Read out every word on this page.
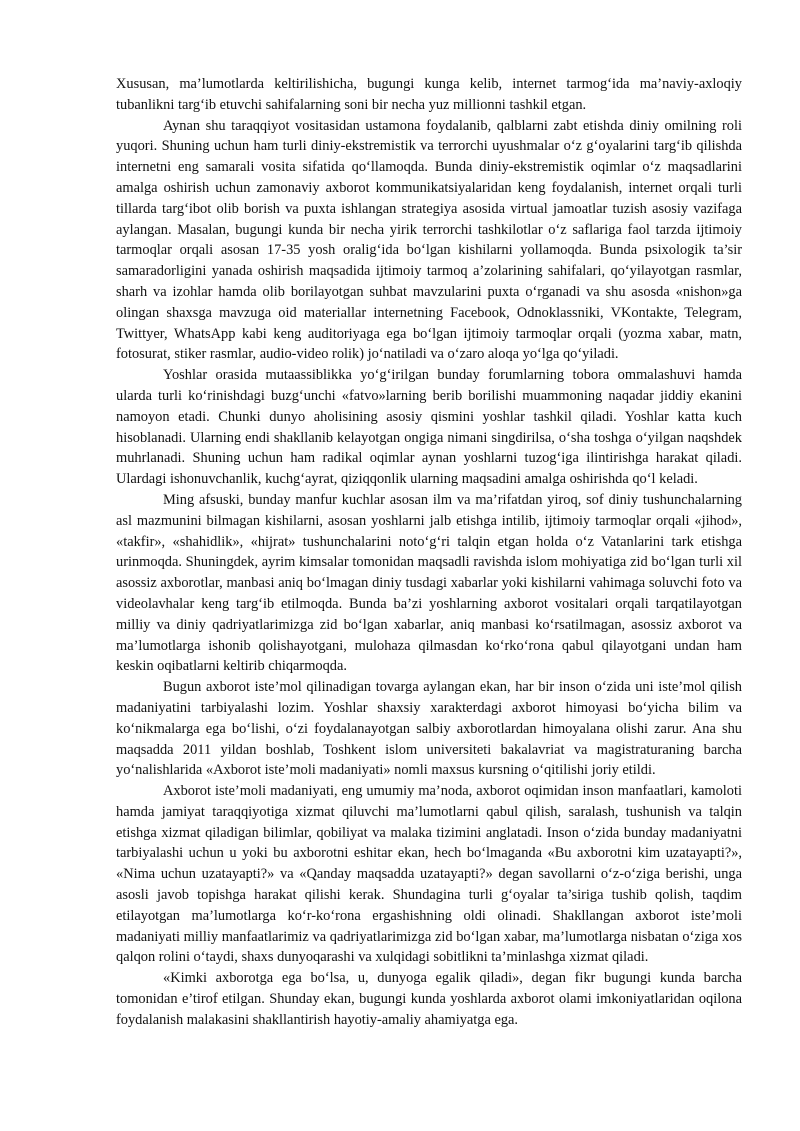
Xususan, ma’lumotlarda keltirilishicha, bugungi kunga kelib, internet tarmog‘ida ma’naviy-axloqiy tubanlikni targ‘ib etuvchi sahifalarning soni bir necha yuz millionni tashkil etgan.

Aynan shu taraqqiyot vositasidan ustamona foydalanib, qalblarni zabt etishda diniy omilning roli yuqori. Shuning uchun ham turli diniy-ekstremistik va terrorchi uyushmalar o‘z g‘oyalarini targ‘ib qilishda internetni eng samarali vosita sifatida qo‘llamoqda. Bunda diniy-ekstremistik oqimlar o‘z maqsadlarini amalga oshirish uchun zamonaviy axborot kommunikatsiyalaridan keng foydalanish, internet orqali turli tillarda targ‘ibot olib borish va puxta ishlangan strategiya asosida virtual jamoatlar tuzish asosiy vazifaga aylangan. Masalan, bugungi kunda bir necha yirik terrorchi tashkilotlar o‘z saflariga faol tarzda ijtimoiy tarmoqlar orqali asosan 17-35 yosh oralig‘ida bo‘lgan kishilarni yollamoqda. Bunda psixologik ta’sir samaradorligini yanada oshirish maqsadida ijtimoiy tarmoq a’zolarining sahifalari, qo‘yilayotgan rasmlar, sharh va izohlar hamda olib borilayotgan suhbat mavzularini puxta o‘rganadi va shu asosda «nishon»ga olingan shaxsga mavzuga oid materiallar internetning Facebook, Odnoklassniki, VKontakte, Telegram, Twittyer, WhatsApp kabi keng auditoriyaga ega bo‘lgan ijtimoiy tarmoqlar orqali (yozma xabar, matn, fotosurat, stiker rasmlar, audio-video rolik) jo‘natiladi va o‘zaro aloqa yo‘lga qo‘yiladi.

Yoshlar orasida mutaassiblikka yo‘g‘irilgan bunday forumlarning tobora ommalashuvi hamda ularda turli ko‘rinishdagi buzg‘unchi «fatvo»larning berib borilishi muammoning naqadar jiddiy ekanini namoyon etadi. Chunki dunyo aholisining asosiy qismini yoshlar tashkil qiladi. Yoshlar katta kuch hisoblanadi. Ularning endi shakllanib kelayotgan ongiga nimani singdirilsa, o‘sha toshga o‘yilgan naqshdek muhrlanadi. Shuning uchun ham radikal oqimlar aynan yoshlarni tuzog‘iga ilintirishga harakat qiladi. Ulardagi ishonuvchanlik, kuchg‘ayrat, qiziqqonlik ularning maqsadini amalga oshirishda qo‘l keladi.

Ming afsuski, bunday manfur kuchlar asosan ilm va ma’rifatdan yiroq, sof diniy tushunchalarning asl mazmunini bilmagan kishilarni, asosan yoshlarni jalb etishga intilib, ijtimoiy tarmoqlar orqali «jihod», «takfir», «shahidlik», «hijrat» tushunchalarini noto‘g‘ri talqin etgan holda o‘z Vatanlarini tark etishga urinmoqda. Shuningdek, ayrim kimsalar tomonidan maqsadli ravishda islom mohiyatiga zid bo‘lgan turli xil asossiz axborotlar, manbasi aniq bo‘lmagan diniy tusdagi xabarlar yoki kishilarni vahimaga soluvchi foto va videolavhalar keng targ‘ib etilmoqda. Bunda ba’zi yoshlarning axborot vositalari orqali tarqatilayotgan milliy va diniy qadriyatlarimizga zid bo‘lgan xabarlar, aniq manbasi ko‘rsatilmagan, asossiz axborot va ma’lumotlarga ishonib qolishayotgani, mulohaza qilmasdan ko‘rko‘rona qabul qilayotgani undan ham keskin oqibatlarni keltirib chiqarmoqda.

Bugun axborot iste’mol qilinadigan tovarga aylangan ekan, har bir inson o‘zida uni iste’mol qilish madaniyatini tarbiyalashi lozim. Yoshlar shaxsiy xarakterdagi axborot himoyasi bo‘yicha bilim va ko‘nikmalarga ega bo‘lishi, o‘zi foydalanayotgan salbiy axborotlardan himoyalana olishi zarur. Ana shu maqsadda 2011 yildan boshlab, Toshkent islom universiteti bakalavriat va magistraturaning barcha yo‘nalishlarida «Axborot iste’moli madaniyati» nomli maxsus kursning o‘qitilishi joriy etildi.

Axborot iste’moli madaniyati, eng umumiy ma’noda, axborot oqimidan inson manfaatlari, kamoloti hamda jamiyat taraqqiyotiga xizmat qiluvchi ma’lumotlarni qabul qilish, saralash, tushunish va talqin etishga xizmat qiladigan bilimlar, qobiliyat va malaka tizimini anglatadi. Inson o‘zida bunday madaniyatni tarbiyalashi uchun u yoki bu axborotni eshitar ekan, hech bo‘lmaganda «Bu axborotni kim uzatayapti?», «Nima uchun uzatayapti?» va «Qanday maqsadda uzatayapti?» degan savollarni o‘z-o‘ziga berishi, unga asosli javob topishga harakat qilishi kerak. Shundagina turli g‘oyalar ta’siriga tushib qolish, taqdim etilayotgan ma’lumotlarga ko‘r-ko‘rona ergashishning oldi olinadi. Shakllangan axborot iste’moli madaniyati milliy manfaatlarimiz va qadriyatlarimizga zid bo‘lgan xabar, ma’lumotlarga nisbatan o‘ziga xos qalqon rolini o‘taydi, shaxs dunyoqarashi va xulqidagi sobitlikni ta’minlashga xizmat qiladi.

«Kimki axborotga ega bo‘lsa, u, dunyoga egalik qiladi», degan fikr bugungi kunda barcha tomonidan e’tirof etilgan. Shunday ekan, bugungi kunda yoshlarda axborot olami imkoniyatlaridan oqilona foydalanish malakasini shakllantirish hayotiy-amaliy ahamiyatga ega.
